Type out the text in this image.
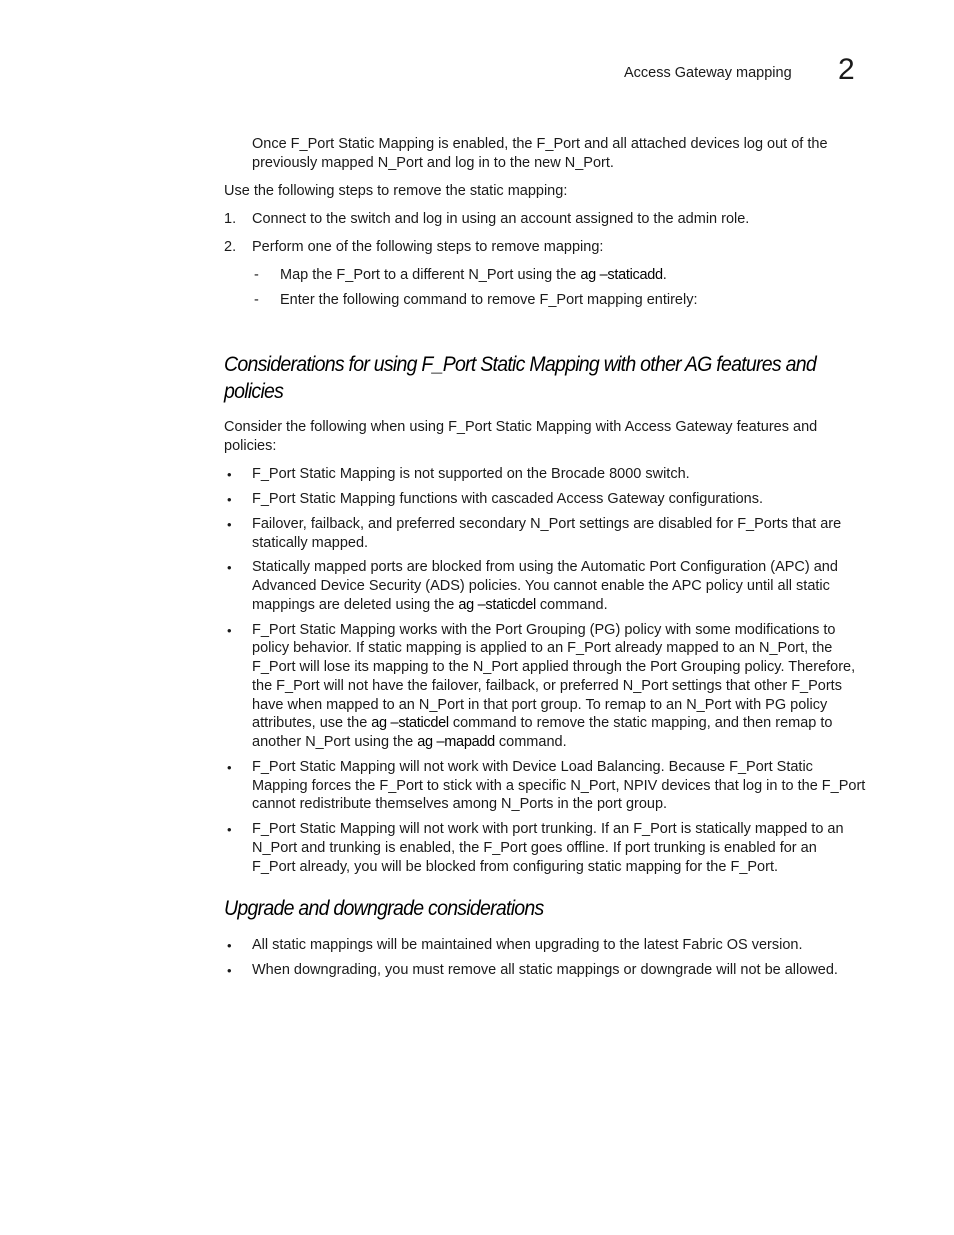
Access Gateway mapping 2
Once F_Port Static Mapping is enabled, the F_Port and all attached devices log out of the
previously mapped N_Port and log in to the new N_Port.
Use the following steps to remove the static mapping:
1. Connect to the switch and log in using an account assigned to the admin role.
2. Perform one of the following steps to remove mapping:
- Map the F_Port to a different N_Port using the ag –staticadd.
- Enter the following command to remove F_Port mapping entirely:
Considerations for using F_Port Static Mapping with other AG features and
policies
Consider the following when using F_Port Static Mapping with Access Gateway features and
policies:
• F_Port Static Mapping is not supported on the Brocade 8000 switch.
• F_Port Static Mapping functions with cascaded Access Gateway configurations.
• Failover, failback, and preferred secondary N_Port settings are disabled for F_Ports that are
statically mapped.
• Statically mapped ports are blocked from using the Automatic Port Configuration (APC) and
Advanced Device Security (ADS) policies. You cannot enable the APC policy until all static
mappings are deleted using the ag –staticdel command.
• F_Port Static Mapping works with the Port Grouping (PG) policy with some modifications to
policy behavior. If static mapping is applied to an F_Port already mapped to an N_Port, the
F_Port will lose its mapping to the N_Port applied through the Port Grouping policy. Therefore,
the F_Port will not have the failover, failback, or preferred N_Port settings that other F_Ports
have when mapped to an N_Port in that port group. To remap to an N_Port with PG policy
attributes, use the ag –staticdel command to remove the static mapping, and then remap to
another N_Port using the ag –mapadd command.
• F_Port Static Mapping will not work with Device Load Balancing. Because F_Port Static
Mapping forces the F_Port to stick with a specific N_Port, NPIV devices that log in to the F_Port
cannot redistribute themselves among N_Ports in the port group.
• F_Port Static Mapping will not work with port trunking. If an F_Port is statically mapped to an
N_Port and trunking is enabled, the F_Port goes offline. If port trunking is enabled for an
F_Port already, you will be blocked from configuring static mapping for the F_Port.
Upgrade and downgrade considerations
• All static mappings will be maintained when upgrading to the latest Fabric OS version.
• When downgrading, you must remove all static mappings or downgrade will not be allowed.
